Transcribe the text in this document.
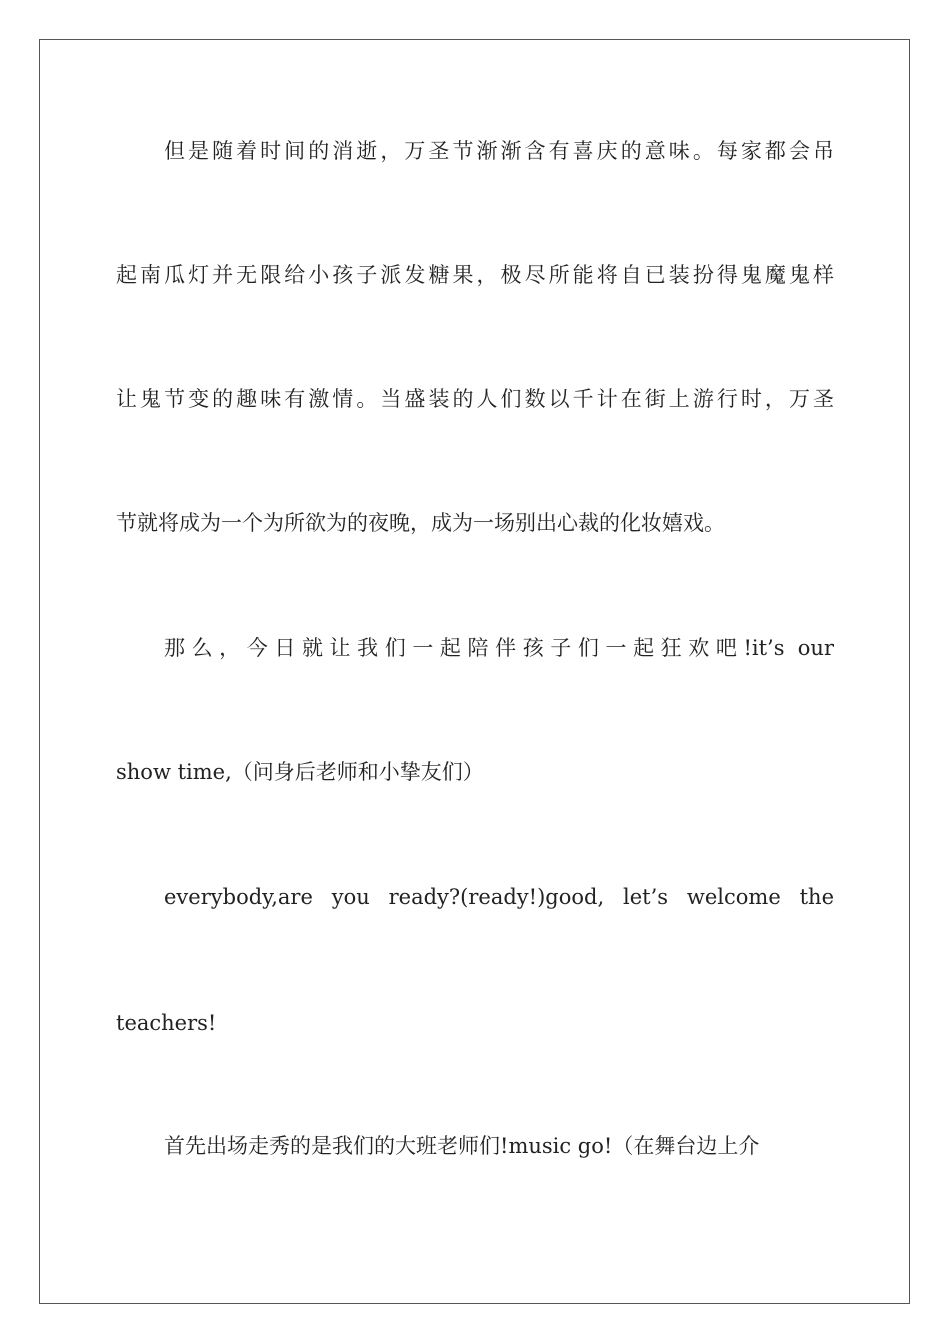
但是随着时间的消逝，万圣节渐渐含有喜庆的意味。每家都会吊
起南瓜灯并无限给小孩子派发糖果，极尽所能将自已装扮得鬼魔鬼样
让鬼节变的趣味有激情。当盛装的人们数以千计在街上游行时，万圣
节就将成为一个为所欲为的夜晚，成为一场别出心裁的化妆嬉戏。
那么，今日就让我们一起陪伴孩子们一起狂欢吧!it’s our
show time,（问身后老师和小挚友们）
everybody,are you ready?(ready!)good, let’s welcome the
teachers!
首先出场走秀的是我们的大班老师们!music go!（在舞台边上介
